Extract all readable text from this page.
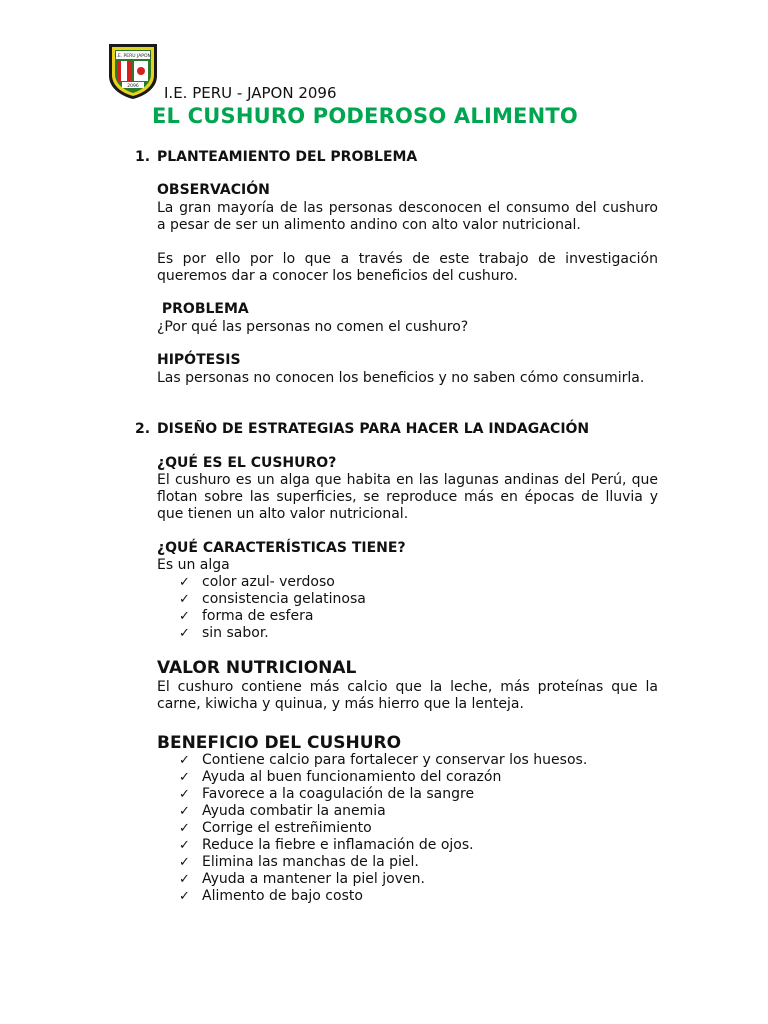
I.E. PERU JAPON
2096 I.E. PERU - JAPON 2096
EL CUSHURO PODEROSO ALIMENTO
1. PLANTEAMIENTO DEL PROBLEMA
OBSERVACIÓN
La gran mayoría de las personas desconocen el consumo del cushuro a pesar de ser un alimento andino con alto valor nutricional.
Es por ello por lo que a través de este trabajo de investigación queremos dar a conocer los beneficios del cushuro.
PROBLEMA
¿Por qué las personas no comen el cushuro?
HIPÓTESIS
Las personas no conocen los beneficios y no saben cómo consumirla.
2. DISEÑO DE ESTRATEGIAS PARA HACER LA INDAGACIÓN
¿QUÉ ES EL CUSHURO?
El cushuro es un alga que habita en las lagunas andinas del Perú, que flotan sobre las superficies, se reproduce más en épocas de lluvia y que tienen un alto valor nutricional.
¿QUÉ CARACTERÍSTICAS TIENE?
Es un alga
✓ color azul- verdoso
✓ consistencia gelatinosa
✓ forma de esfera
✓ sin sabor.
VALOR NUTRICIONAL
El cushuro contiene más calcio que la leche, más proteínas que la carne, kiwicha y quinua, y más hierro que la lenteja.
BENEFICIO DEL CUSHURO
✓ Contiene calcio para fortalecer y conservar los huesos.
✓ Ayuda al buen funcionamiento del corazón
✓ Favorece a la coagulación de la sangre
✓ Ayuda combatir la anemia
✓ Corrige el estreñimiento
✓ Reduce la fiebre e inflamación de ojos.
✓ Elimina las manchas de la piel.
✓ Ayuda a mantener la piel joven.
✓ Alimento de bajo costo
